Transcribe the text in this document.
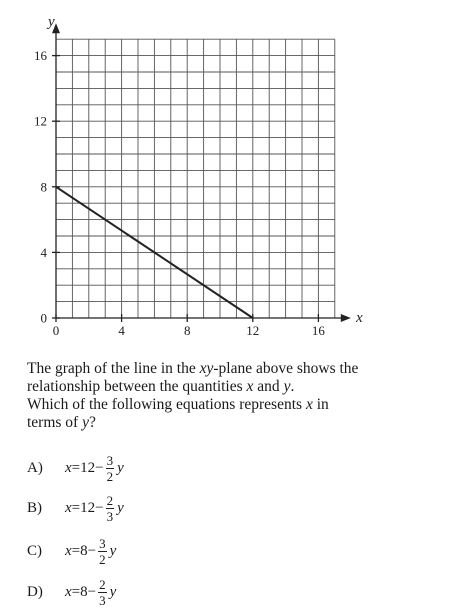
0	4	8	12	16
0
4
8
12
16
x
y

The graph of the line in the xy-plane above shows the

relationship between the quantities x and y.

Which of the following equations represents x in

terms of y?

A)	$x = 12 - \frac{3}{2}$ y
B)	$x = 12 - \frac{2}{3}$ y
C)	$x = 8 - \frac{3}{2}$ y
D)	$x = 8 - \frac{2}{3}$ y
